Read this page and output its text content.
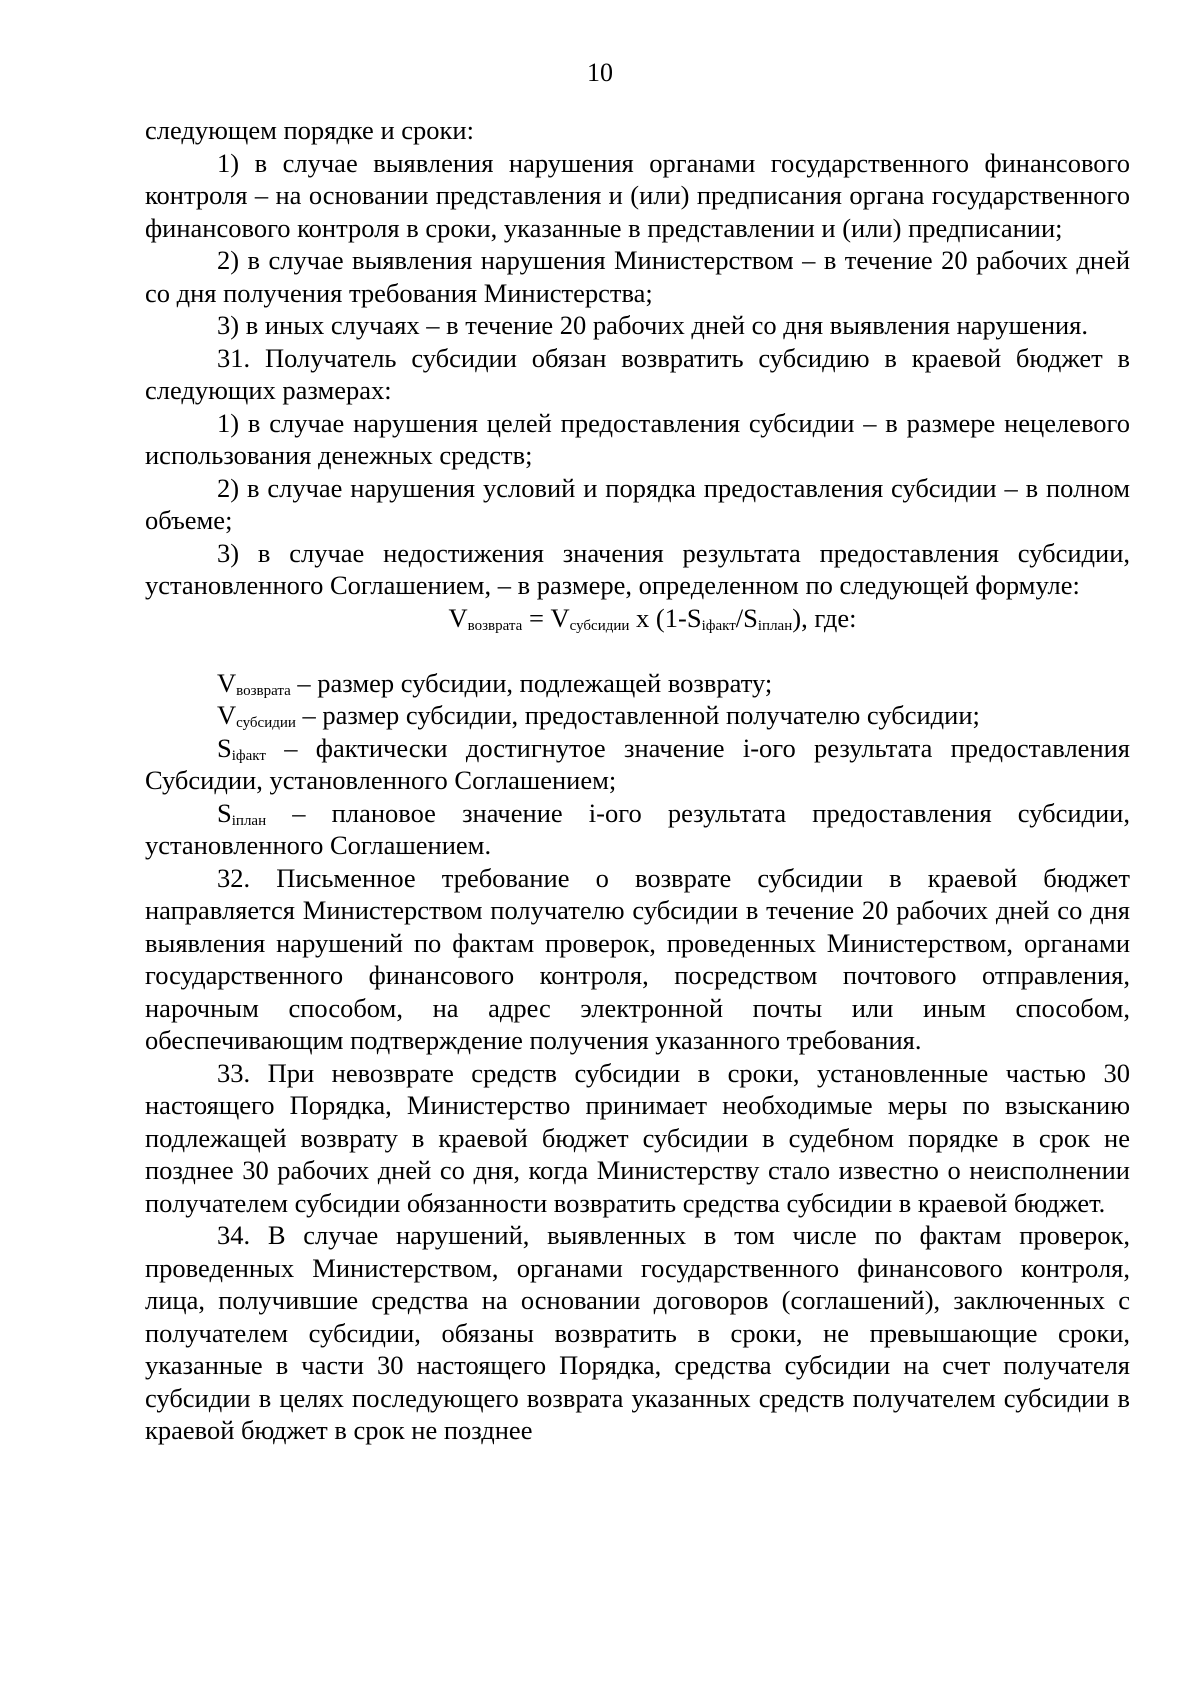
10

следующем порядке и сроки:

1) в случае выявления нарушения органами государственного финансового контроля – на основании представления и (или) предписания органа государственного финансового контроля в сроки, указанные в представлении и (или) предписании;

2) в случае выявления нарушения Министерством – в течение 20 рабочих дней со дня получения требования Министерства;

3) в иных случаях – в течение 20 рабочих дней со дня выявления нарушения.

31. Получатель субсидии обязан возвратить субсидию в краевой бюджет в следующих размерах:

1) в случае нарушения целей предоставления субсидии – в размере нецелевого использования денежных средств;

2) в случае нарушения условий и порядка предоставления субсидии – в полном объеме;

3) в случае недостижения значения результата предоставления субсидии, установленного Соглашением, – в размере, определенном по следующей формуле:

$V_{возврата} = V_{субсидии}$ x $(1-S_{iфакт}/S_{iплан})$, где:

$V_{возврата}$ – размер субсидии, подлежащей возврату;

$V_{субсидии}$ – размер субсидии, предоставленной получателю субсидии;

$S_{iфакт}$ – фактически достигнутое значение i-ого результата предоставления Субсидии, установленного Соглашением;

$S_{iплан}$ – плановое значение i-ого результата предоставления субсидии, установленного Соглашением.

32. Письменное требование о возврате субсидии в краевой бюджет направляется Министерством получателю субсидии в течение 20 рабочих дней со дня выявления нарушений по фактам проверок, проведенных Министерством, органами государственного финансового контроля, посредством почтового отправления, нарочным способом, на адрес электронной почты или иным способом, обеспечивающим подтверждение получения указанного требования.

33. При невозврате средств субсидии в сроки, установленные частью 30 настоящего Порядка, Министерство принимает необходимые меры по взысканию подлежащей возврату в краевой бюджет субсидии в судебном порядке в срок не позднее 30 рабочих дней со дня, когда Министерству стало известно о неисполнении получателем субсидии обязанности возвратить средства субсидии в краевой бюджет.

34. В случае нарушений, выявленных в том числе по фактам проверок, проведенных Министерством, органами государственного финансового контроля, лица, получившие средства на основании договоров (соглашений), заключенных с получателем субсидии, обязаны возвратить в сроки, не превышающие сроки, указанные в части 30 настоящего Порядка, средства субсидии на счет получателя субсидии в целях последующего возврата указанных средств получателем субсидии в краевой бюджет в срок не позднее
